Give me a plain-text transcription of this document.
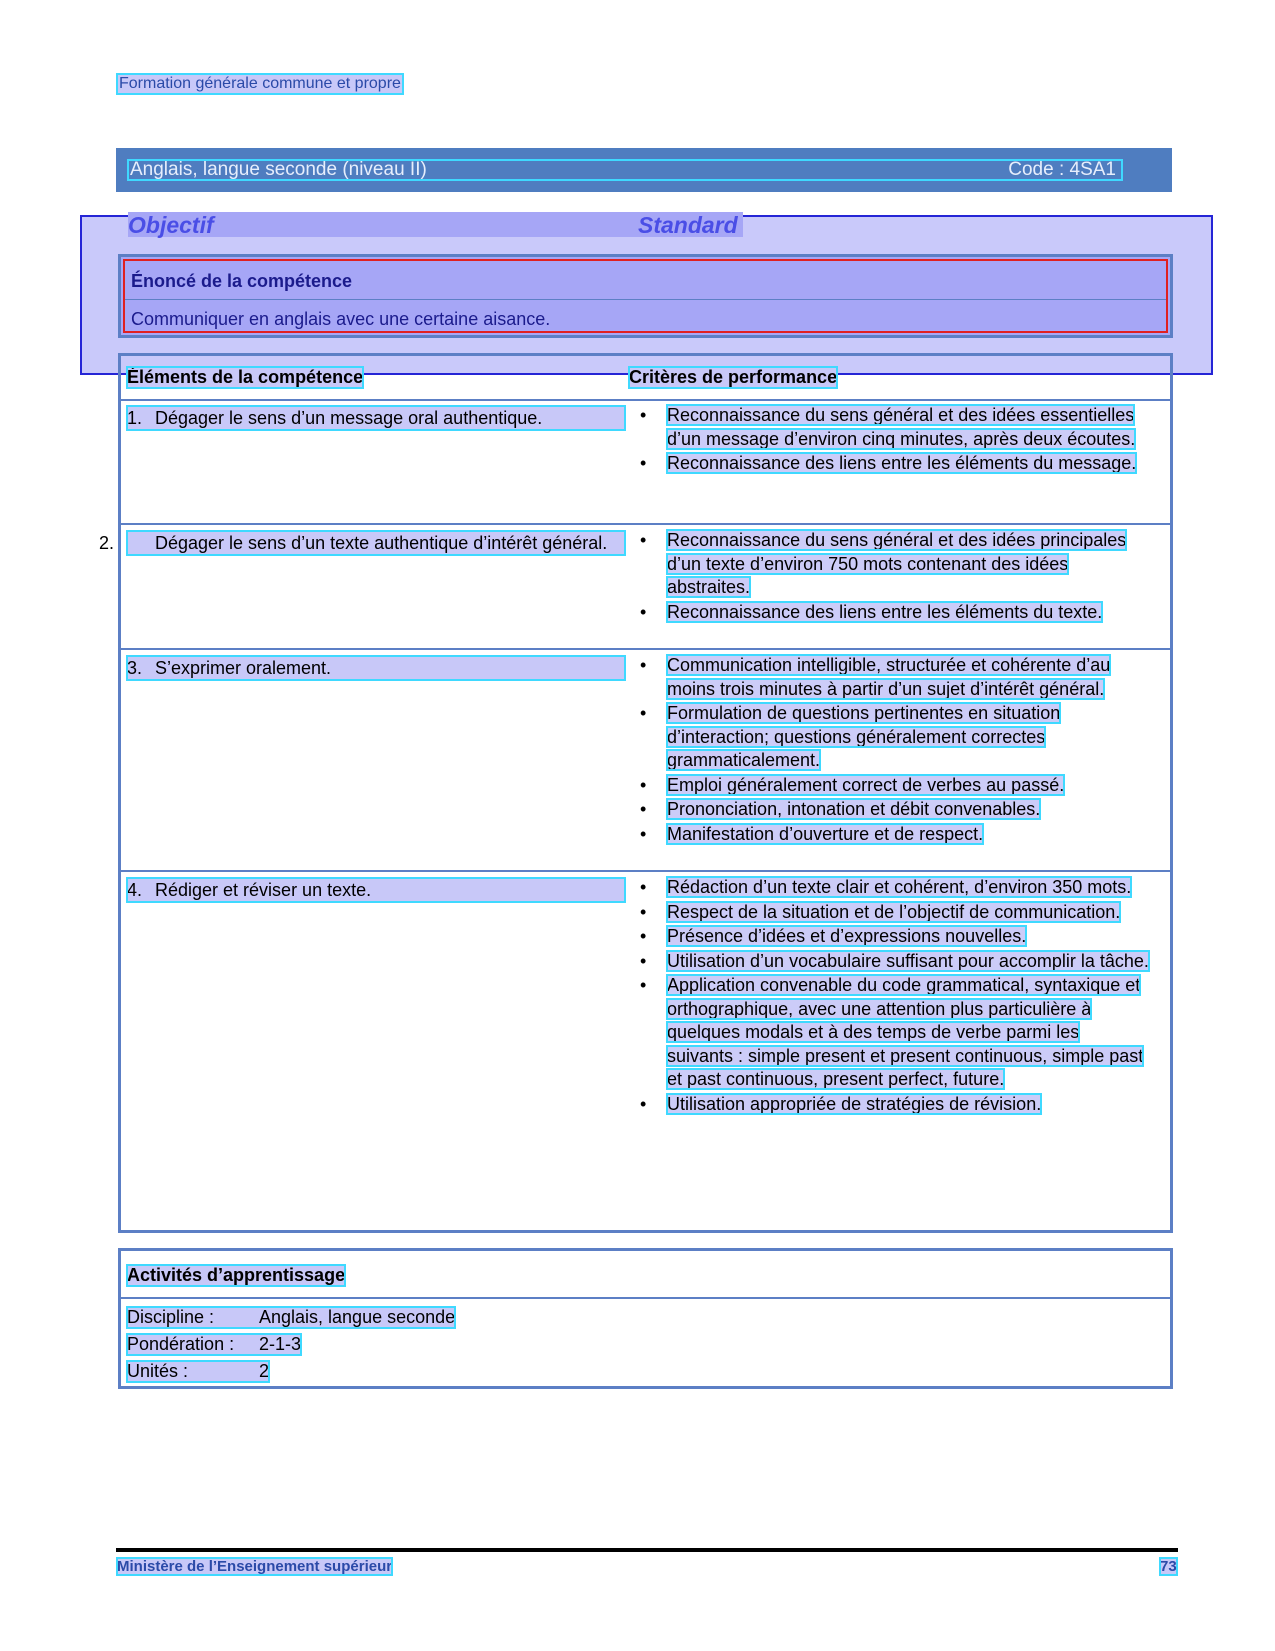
Formation générale commune et propre
Anglais, langue seconde (niveau II)	Code : 4SA1
Objectif	Standard
Énoncé de la compétence
Communiquer en anglais avec une certaine aisance.
Éléments de la compétence	Critères de performance
1. Dégager le sens d’un message oral authentique.	• Reconnaissance du sens général et des idées essentielles d’un message d’environ cinq minutes, après deux écoutes.
• Reconnaissance des liens entre les éléments du message.
2. Dégager le sens d’un texte authentique d’intérêt général.	• Reconnaissance du sens général et des idées principales d’un texte d’environ 750 mots contenant des idées abstraites.
• Reconnaissance des liens entre les éléments du texte.
3. S’exprimer oralement.	• Communication intelligible, structurée et cohérente d’au moins trois minutes à partir d’un sujet d’intérêt général.
• Formulation de questions pertinentes en situation d’interaction; questions généralement correctes grammaticalement.
• Emploi généralement correct de verbes au passé.
• Prononciation, intonation et débit convenables.
• Manifestation d’ouverture et de respect.
4. Rédiger et réviser un texte.	• Rédaction d’un texte clair et cohérent, d’environ 350 mots.
• Respect de la situation et de l’objectif de communication.
• Présence d’idées et d’expressions nouvelles.
• Utilisation d’un vocabulaire suffisant pour accomplir la tâche.
• Application convenable du code grammatical, syntaxique et orthographique, avec une attention plus particulière à quelques modals et à des temps de verbe parmi les suivants : simple present et present continuous, simple past et past continuous, present perfect, future.
• Utilisation appropriée de stratégies de révision.
Activités d’apprentissage
Discipline : Anglais, langue seconde
Pondération : 2-1-3
Unités :	2
Ministère de l’Enseignement supérieur	73
